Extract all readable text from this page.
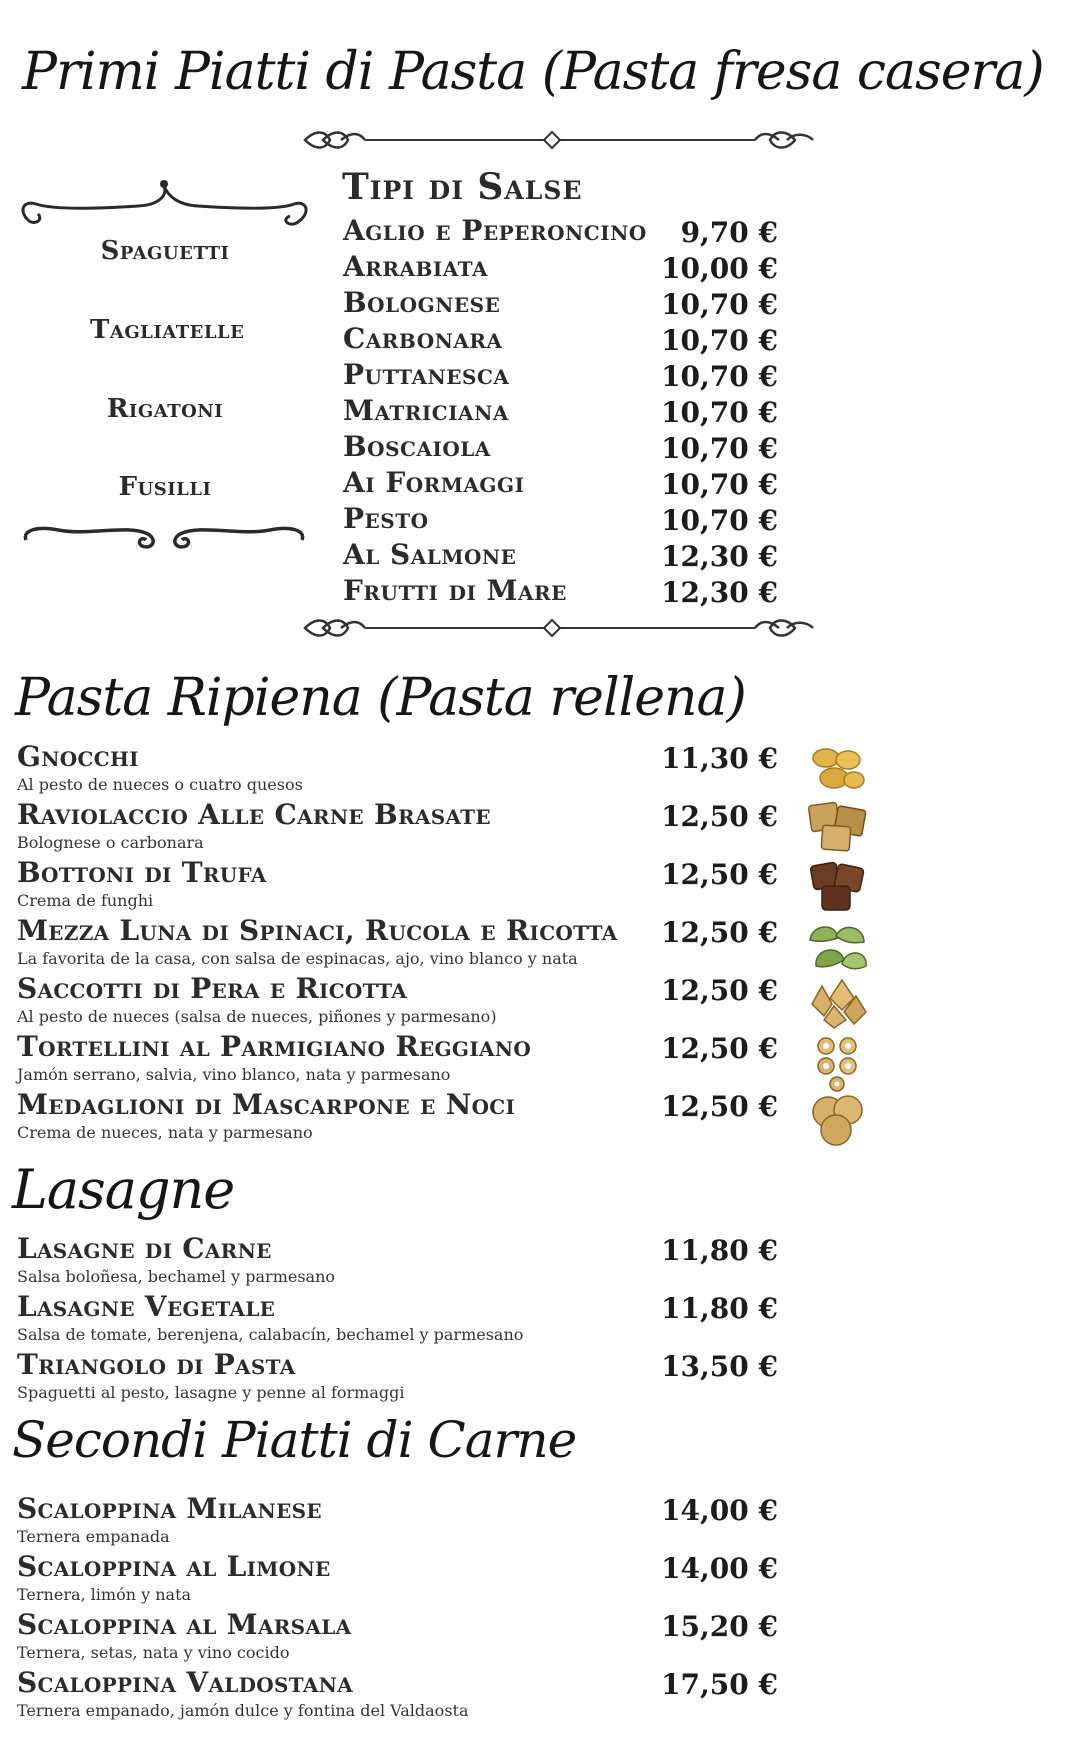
Primi Piatti di Pasta (Pasta fresa casera)
Spaguetti
Tagliatelle
Rigatoni
Fusilli
Tipi di Salse
Aglio e Peperoncino	9,70 €
Arrabiata	10,00 €
Bolognese	10,70 €
Carbonara	10,70 €
Puttanesca	10,70 €
Matriciana	10,70 €
Boscaiola	10,70 €
Ai Formaggi	10,70 €
Pesto	10,70 €
Al Salmone	12,30 €
Frutti di Mare	12,30 €
Pasta Ripiena (Pasta rellena)
Gnocchi
Al pesto de nueces o cuatro quesos
11,30 €
Raviolaccio Alle Carne Brasate
Bolognese o carbonara
12,50 €
Bottoni di Trufa
Crema de funghi
12,50 €
Mezza Luna di Spinaci, Rucola e Ricotta
La favorita de la casa, con salsa de espinacas, ajo, vino blanco y nata
12,50 €
Saccotti di Pera e Ricotta
Al pesto de nueces (salsa de nueces, piñones y parmesano)
12,50 €
Tortellini al Parmigiano Reggiano
Jamón serrano, salvia, vino blanco, nata y parmesano
12,50 €
Medaglioni di Mascarpone e Noci
Crema de nueces, nata y parmesano
12,50 €
Lasagne
Lasagne di Carne
Salsa boloñesa, bechamel y parmesano
11,80 €
Lasagne Vegetale
Salsa de tomate, berenjena, calabacín, bechamel y parmesano
11,80 €
Triangolo di Pasta
Spaguetti al pesto, lasagne y penne al formaggi
13,50 €
Secondi Piatti di Carne
Scaloppina Milanese
Ternera empanada
14,00 €
Scaloppina al Limone
Ternera, limón y nata
14,00 €
Scaloppina al Marsala
Ternera, setas, nata y vino cocido
15,20 €
Scaloppina Valdostana
Ternera empanado, jamón dulce y fontina del Valdaosta
17,50 €
